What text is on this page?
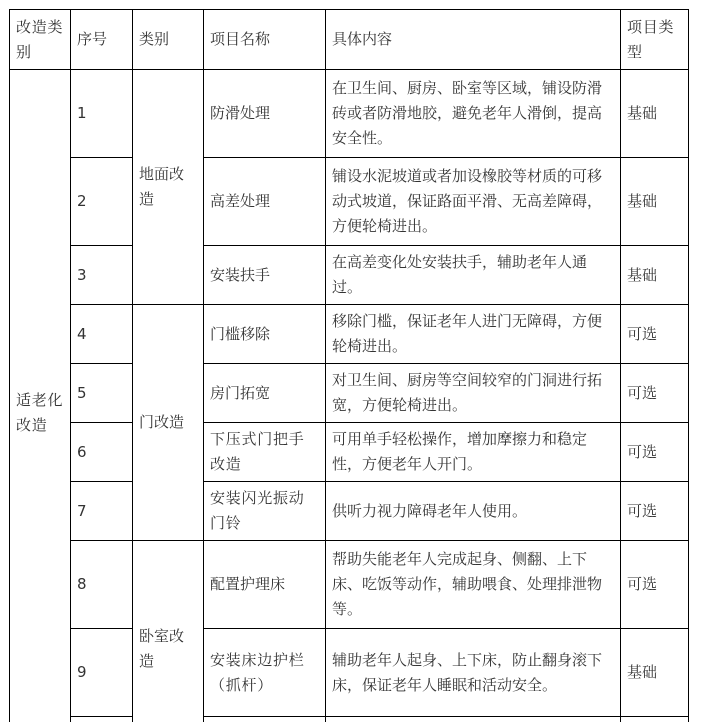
改造类别	序号	类别	项目名称	具体内容	项目类型
适老化改造	1	地面改造	防滑处理	在卫生间、厨房、卧室等区域，铺设防滑砖或者防滑地胶，避免老年人滑倒，提高安全性。	基础
	2		高差处理	铺设水泥坡道或者加设橡胶等材质的可移动式坡道，保证路面平滑、无高差障碍，方便轮椅进出。	基础
	3		安装扶手	在高差变化处安装扶手，辅助老年人通过。	基础
	4	门改造	门槛移除	移除门槛，保证老年人进门无障碍，方便轮椅进出。	可选
	5		房门拓宽	对卫生间、厨房等空间较窄的门洞进行拓宽，方便轮椅进出。	可选
	6		下压式门把手改造	可用单手轻松操作，增加摩擦力和稳定性，方便老年人开门。	可选
	7		安装闪光振动门铃	供听力视力障碍老年人使用。	可选
	8	卧室改造	配置护理床	帮助失能老年人完成起身、侧翻、上下床、吃饭等动作，辅助喂食、处理排泄物等。	可选
	9		安装床边护栏（抓杆）	辅助老年人起身、上下床，防止翻身滚下床，保证老年人睡眠和活动安全。	基础
